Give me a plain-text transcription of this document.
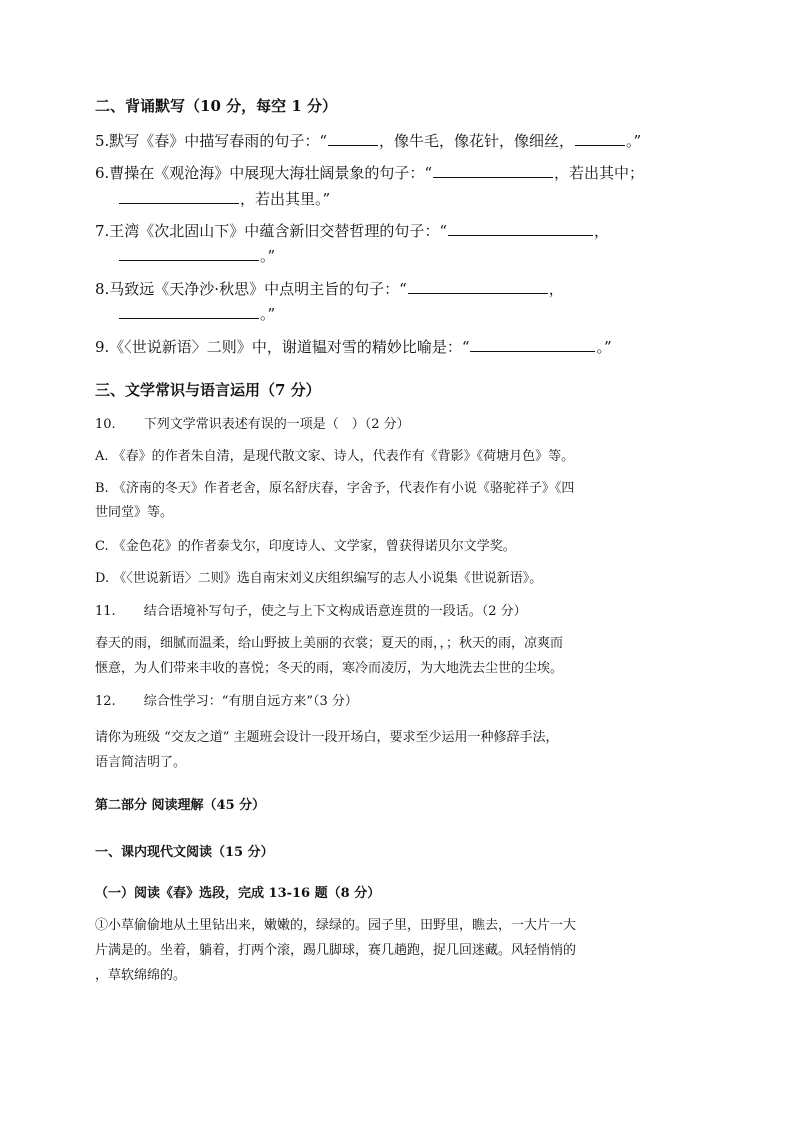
二、背诵默写（10 分，每空 1 分）
5.默写《春》中描写春雨的句子：“	，像牛毛，像花针，像细丝，	。”
6.曹操在《观沧海》中展现大海壮阔景象的句子：“	，若出其中；
，若出其里。”
7.王湾《次北固山下》中蕴含新旧交替哲理的句子：“	，
。”
8.马致远《天净沙·秋思》中点明主旨的句子：“	，
。”
9.《〈世说新语〉二则》中，谢道韫对雪的精妙比喻是：“	。”
三、文学常识与语言运用（7 分）
10. 下列文学常识表述有误的一项是（　）（2 分）
A. 《春》的作者朱自清，是现代散文家、诗人，代表作有《背影》《荷塘月色》等。
B. 《济南的冬天》作者老舍，原名舒庆春，字舍予，代表作有小说《骆驼祥子》《四
世同堂》等。
C. 《金色花》的作者泰戈尔，印度诗人、文学家，曾获得诺贝尔文学奖。
D. 《〈世说新语〉二则》选自南宋刘义庆组织编写的志人小说集《世说新语》。
11. 结合语境补写句子，使之与上下文构成语意连贯的一段话。（2 分）
春天的雨，细腻而温柔，给山野披上美丽的衣裳；夏天的雨，，；秋天的雨，凉爽而
惬意，为人们带来丰收的喜悦；冬天的雨，寒冷而凌厉，为大地洗去尘世的尘埃。
12. 综合性学习：“有朋自远方来”（3 分）
请你为班级 “交友之道” 主题班会设计一段开场白，要求至少运用一种修辞手法，
语言简洁明了。
第二部分 阅读理解（45 分）
一、课内现代文阅读（15 分）
（一）阅读《春》选段，完成 13-16 题（8 分）
①小草偷偷地从土里钻出来，嫩嫩的，绿绿的。园子里，田野里，瞧去，一大片一大
片满是的。坐着，躺着，打两个滚，踢几脚球，赛几趟跑，捉几回迷藏。风轻悄悄的
，草软绵绵的。
